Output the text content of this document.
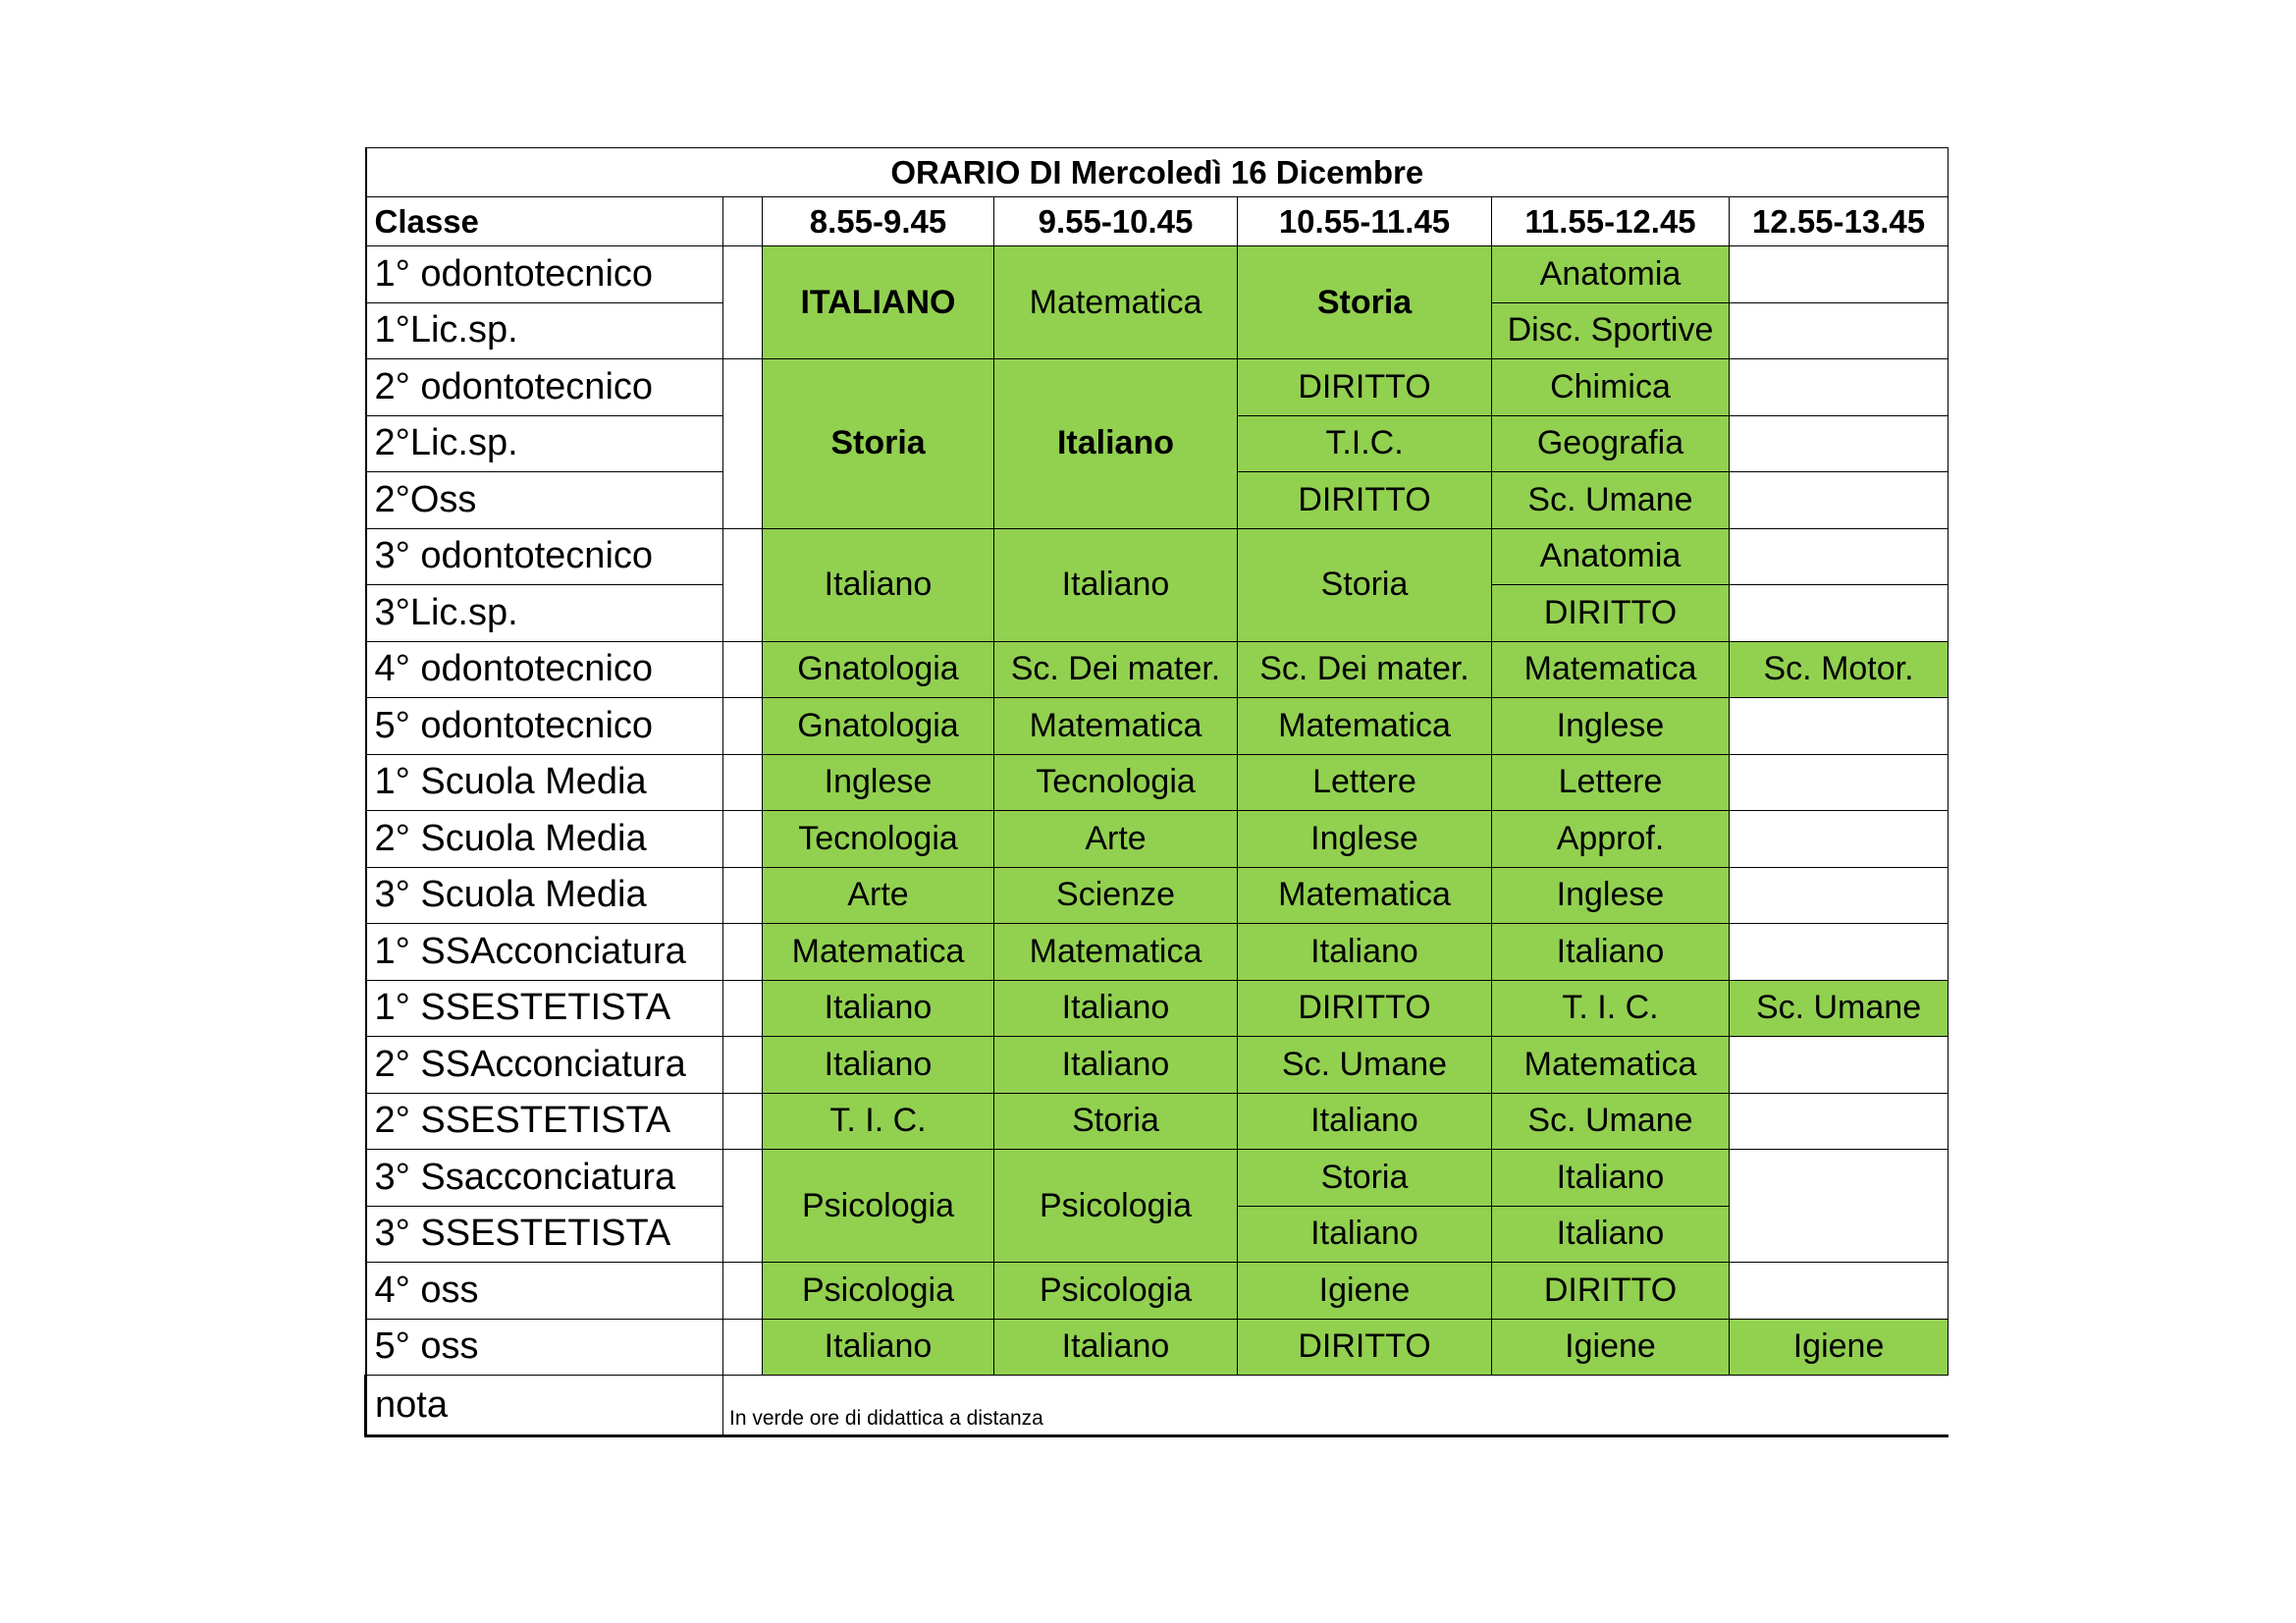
ORARIO DI Mercoledì 16 Dicembre						
Classe		8.55-9.45	9.55-10.45	10.55-11.45	11.55-12.45	12.55-13.45
1° odontotecnico		ITALIANO	Matematica	Storia	Anatomia	
1°Lic.sp.					Disc. Sportive	
2° odontotecnico		Storia	Italiano	DIRITTO	Chimica	
2°Lic.sp.				T.I.C.	Geografia	
2°Oss				DIRITTO	Sc. Umane	
3° odontotecnico		Italiano	Italiano	Storia	Anatomia	
3°Lic.sp.					DIRITTO	
4° odontotecnico		Gnatologia	Sc. Dei mater.	Sc. Dei mater.	Matematica	Sc. Motor.
5° odontotecnico		Gnatologia	Matematica	Matematica	Inglese	
1° Scuola Media		Inglese	Tecnologia	Lettere	Lettere	
2° Scuola Media		Tecnologia	Arte	Inglese	Approf.	
3° Scuola Media		Arte	Scienze	Matematica	Inglese	
1° SSAcconciatura		Matematica	Matematica	Italiano	Italiano	
1° SSESTETISTA		Italiano	Italiano	DIRITTO	T. I. C.	Sc. Umane
2° SSAcconciatura		Italiano	Italiano	Sc. Umane	Matematica	
2° SSESTETISTA		T. I. C.	Storia	Italiano	Sc. Umane	
3° Ssacconciatura		Psicologia	Psicologia	Storia	Italiano	
3° SSESTETISTA				Italiano	Italiano	
4° oss		Psicologia	Psicologia	Igiene	DIRITTO	
5° oss		Italiano	Italiano	DIRITTO	Igiene	Igiene
nota	In verde ore di didattica a distanza					
